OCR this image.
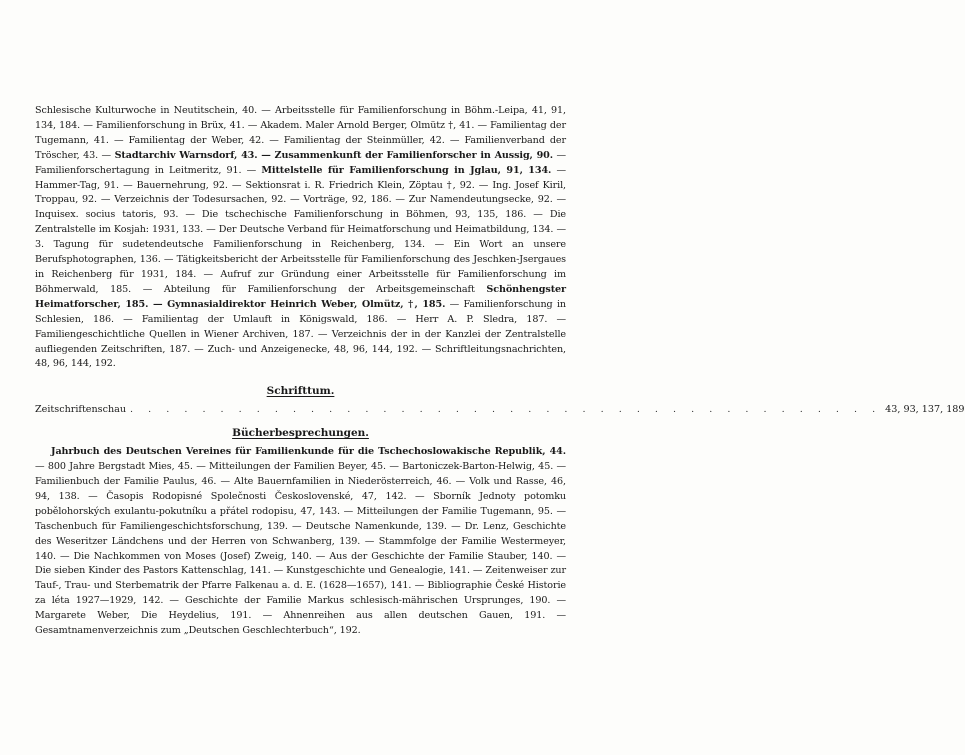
Schlesische Kulturwoche in Neutitschein, 40. — Arbeitsstelle für Familienforschung in Böhm.-Leipa, 41, 91, 134, 184. — Familienforschung in Brüx, 41. — Akadem. Maler Arnold Berger, Olmütz †, 41. — Familientag der Tugemann, 41. — Familientag der Weber, 42. — Familientag der Steinmüller, 42. — Familienverband der Tröscher, 43. — Stadtarchiv Warnsdorf, 43. — Zusammenkunft der Familienforscher in Aussig, 90. — Familienforschertagung in Leitmeritz, 91. — Mittelstelle für Familienforschung in Jglau, 91, 134. — Hammer-Tag, 91. — Bauernehrung, 92. — Sektionsrat i. R. Friedrich Klein, Zöptau †, 92. — Ing. Josef Kiril, Troppau, 92. — Verzeichnis der Todesursachen, 92. — Vorträge, 92, 186. — Zur Namendeutungsecke, 92. — Inquisex. socius tatoris, 93. — Die tschechische Familienforschung in Böhmen, 93, 135, 186. — Die Zentralstelle im Kosjah: 1931, 133. — Der Deutsche Verband für Heimatforschung und Heimatbildung, 134. — 3. Tagung für sudetendeutsche Familienforschung in Reichenberg, 134. — Ein Wort an unsere Berufsphotographen, 136. — Tätigkeitsbericht der Arbeitsstelle für Familienforschung des Jeschken-Jsergaues in Reichenberg für 1931, 184. — Aufruf zur Gründung einer Arbeitsstelle für Familienforschung im Böhmerwald, 185. — Abteilung für Familienforschung der Arbeitsgemeinschaft Schönhengster Heimatforscher, 185. — Gymnasialdirektor Heinrich Weber, Olmütz, †, 185. — Familienforschung in Schlesien, 186. — Familientag der Umlauft in Königswald, 186. — Herr A. P. Sledra, 187. — Familiengeschichtliche Quellen in Wiener Archiven, 187. — Verzeichnis der in der Kanzlei der Zentralstelle aufliegenden Zeitschriften, 187. — Zuch- und Anzeigenecke, 48, 96, 144, 192. — Schriftleitungsnachrichten, 48, 96, 144, 192.

Schrifttum.

Zeitschriftenschau . . . . . . . . . . . . . . . . . . . . . . . . . . . . . . . . . . . . . . . . . . 43, 93, 137, 189

Bücherbesprechungen.

Jahrbuch des Deutschen Vereines für Familienkunde für die Tschechoslowakische Republik, 44. — 800 Jahre Bergstadt Mies, 45. — Mitteilungen der Familien Beyer, 45. — Bartoniczek-Barton-Helwig, 45. — Familienbuch der Familie Paulus, 46. — Alte Bauernfamilien in Niederösterreich, 46. — Volk und Rasse, 46, 94, 138. — Časopis Rodopisné Společnosti Československé, 47, 142. — Sborník Jednoty potomku pobělohorských exulantu-pokutníku a přátel rodopisu, 47, 143. — Mitteilungen der Familie Tugemann, 95. — Taschenbuch für Familiengeschichtsforschung, 139. — Deutsche Namenkunde, 139. — Dr. Lenz, Geschichte des Weseritzer Ländchens und der Herren von Schwanberg, 139. — Stammfolge der Familie Westermeyer, 140. — Die Nachkommen von Moses (Josef) Zweig, 140. — Aus der Geschichte der Familie Stauber, 140. — Die sieben Kinder des Pastors Kattenschlag, 141. — Kunstgeschichte und Genealogie, 141. — Zeitenweiser zur Tauf-, Trau- und Sterbematrik der Pfarre Falkenau a. d. E. (1628—1657), 141. — Bibliographie České Historie za léta 1927—1929, 142. — Geschichte der Familie Markus schlesisch-mährischen Ursprunges, 190. — Margarete Weber, Die Heydelius, 191. — Ahnenreihen aus allen deutschen Gauen, 191. — Gesamtnamenverzeichnis zum „Deutschen Geschlechterbuch“, 192.
